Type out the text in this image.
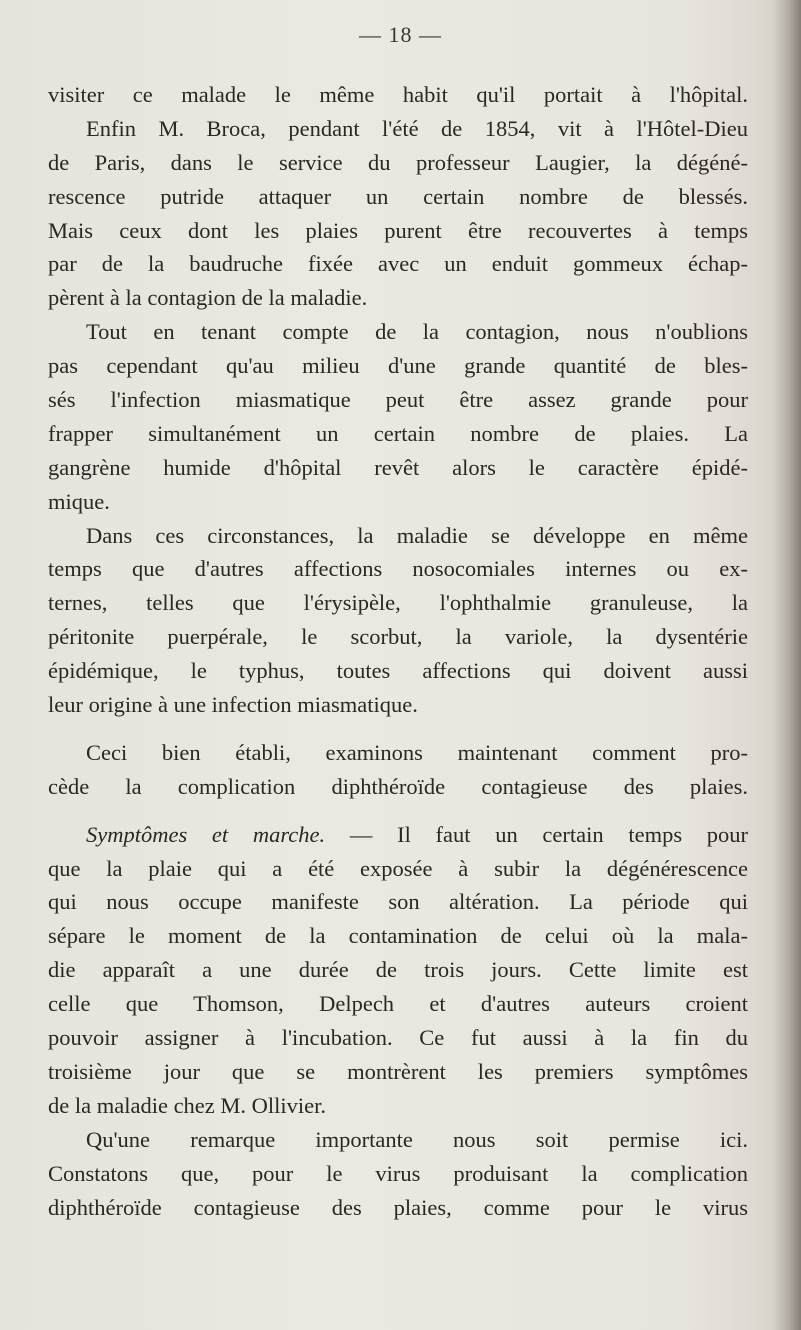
— 18 —
visiter ce malade le même habit qu'il portait à l'hôpital.
Enfin M. Broca, pendant l'été de 1854, vit à l'Hôtel-Dieu
de Paris, dans le service du professeur Laugier, la dégéné-
rescence putride attaquer un certain nombre de blessés.
Mais ceux dont les plaies purent être recouvertes à temps
par de la baudruche fixée avec un enduit gommeux échap-
pèrent à la contagion de la maladie.
Tout en tenant compte de la contagion, nous n'oublions
pas cependant qu'au milieu d'une grande quantité de bles-
sés l'infection miasmatique peut être assez grande pour
frapper simultanément un certain nombre de plaies. La
gangrène humide d'hôpital revêt alors le caractère épidé-
mique.
Dans ces circonstances, la maladie se développe en même
temps que d'autres affections nosocomiales internes ou ex-
ternes, telles que l'érysipèle, l'ophthalmie granuleuse, la
péritonite puerpérale, le scorbut, la variole, la dysentérie
épidémique, le typhus, toutes affections qui doivent aussi
leur origine à une infection miasmatique.
Ceci bien établi, examinons maintenant comment pro-
cède la complication diphthéroïde contagieuse des plaies.
Symptômes et marche. — Il faut un certain temps pour
que la plaie qui a été exposée à subir la dégénérescence
qui nous occupe manifeste son altération. La période qui
sépare le moment de la contamination de celui où la mala-
die apparaît a une durée de trois jours. Cette limite est
celle que Thomson, Delpech et d'autres auteurs croient
pouvoir assigner à l'incubation. Ce fut aussi à la fin du
troisième jour que se montrèrent les premiers symptômes
de la maladie chez M. Ollivier.
Qu'une remarque importante nous soit permise ici.
Constatons que, pour le virus produisant la complication
diphthéroïde contagieuse des plaies, comme pour le virus
